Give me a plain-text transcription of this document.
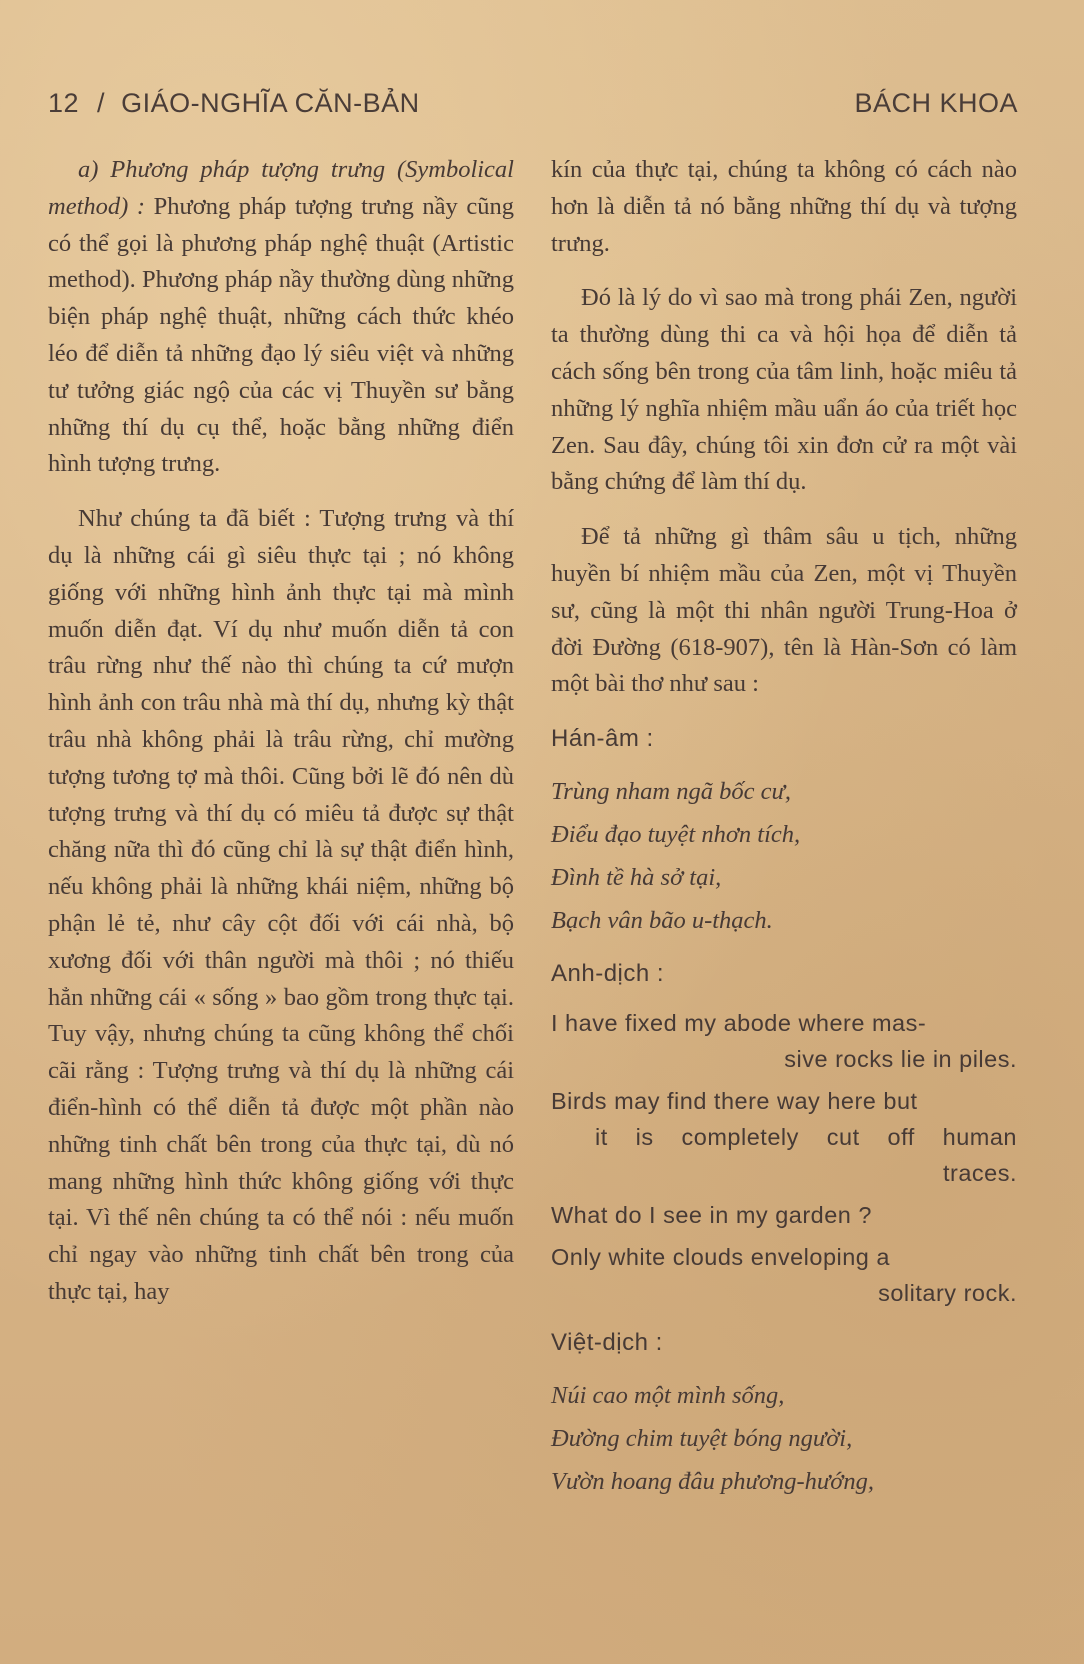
12 / GIÁO-NGHĨA CĂN-BẢN	BÁCH KHOA

a) Phương pháp tượng trưng (Symbolical method) : Phương pháp tượng trưng nầy cũng có thể gọi là phương pháp nghệ thuật (Artistic method). Phương pháp nầy thường dùng những biện pháp nghệ thuật, những cách thức khéo léo để diễn tả những đạo lý siêu việt và những tư tưởng giác ngộ của các vị Thuyền sư bằng những thí dụ cụ thể, hoặc bằng những điển hình tượng trưng.

Như chúng ta đã biết : Tượng trưng và thí dụ là những cái gì siêu thực tại ; nó không giống với những hình ảnh thực tại mà mình muốn diễn đạt. Ví dụ như muốn diễn tả con trâu rừng như thế nào thì chúng ta cứ mượn hình ảnh con trâu nhà mà thí dụ, nhưng kỳ thật trâu nhà không phải là trâu rừng, chỉ mường tượng tương tợ mà thôi. Cũng bởi lẽ đó nên dù tượng trưng và thí dụ có miêu tả được sự thật chăng nữa thì đó cũng chỉ là sự thật điển hình, nếu không phải là những khái niệm, những bộ phận lẻ tẻ, như cây cột đối với cái nhà, bộ xương đối với thân người mà thôi ; nó thiếu hẳn những cái « sống » bao gồm trong thực tại. Tuy vậy, nhưng chúng ta cũng không thể chối cãi rằng : Tượng trưng và thí dụ là những cái điển-hình có thể diễn tả được một phần nào những tinh chất bên trong của thực tại, dù nó mang những hình thức không giống với thực tại. Vì thế nên chúng ta có thể nói : nếu muốn chỉ ngay vào những tinh chất bên trong của thực tại, hay

kín của thực tại, chúng ta không có cách nào hơn là diễn tả nó bằng những thí dụ và tượng trưng.

Đó là lý do vì sao mà trong phái Zen, người ta thường dùng thi ca và hội họa để diễn tả cách sống bên trong của tâm linh, hoặc miêu tả những lý nghĩa nhiệm mầu uẩn áo của triết học Zen. Sau đây, chúng tôi xin đơn cử ra một vài bằng chứng để làm thí dụ.

Để tả những gì thâm sâu u tịch, những huyền bí nhiệm mầu của Zen, một vị Thuyền sư, cũng là một thi nhân người Trung-Hoa ở đời Đường (618-907), tên là Hàn-Sơn có làm một bài thơ như sau :

Hán-âm :
Trùng nham ngã bốc cư,
Điểu đạo tuyệt nhơn tích,
Đình tề hà sở tại,
Bạch vân bão u-thạch.
Anh-dịch :
I have fixed my abode where mas-
sive rocks lie in piles.
Birds may find there way here but
it is completely cut off human
traces.
What do I see in my garden ?
Only white clouds enveloping a
solitary rock.
Việt-dịch :
Núi cao một mình sống,
Đường chim tuyệt bóng người,
Vườn hoang đâu phương-hướng,
